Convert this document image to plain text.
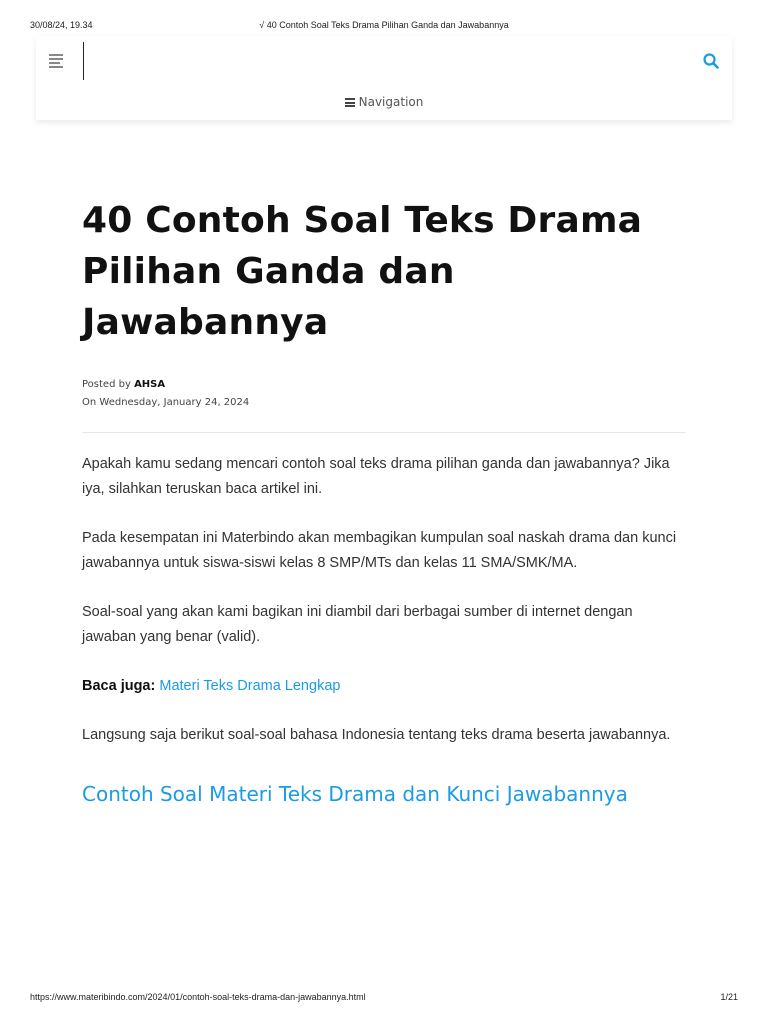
30/08/24, 19.34	√ 40 Contoh Soal Teks Drama Pilihan Ganda dan Jawabannya
Navigation
40 Contoh Soal Teks Drama Pilihan Ganda dan Jawabannya
Posted by AHSA
On Wednesday, January 24, 2024

Apakah kamu sedang mencari contoh soal teks drama pilihan ganda dan jawabannya? Jika iya, silahkan teruskan baca artikel ini.

Pada kesempatan ini Materbindo akan membagikan kumpulan soal naskah drama dan kunci jawabannya untuk siswa-siswi kelas 8 SMP/MTs dan kelas 11 SMA/SMK/MA.

Soal-soal yang akan kami bagikan ini diambil dari berbagai sumber di internet dengan jawaban yang benar (valid).

Baca juga: Materi Teks Drama Lengkap

Langsung saja berikut soal-soal bahasa Indonesia tentang teks drama beserta jawabannya.

Contoh Soal Materi Teks Drama dan Kunci Jawabannya
https://www.materibindo.com/2024/01/contoh-soal-teks-drama-dan-jawabannya.html	1/21
